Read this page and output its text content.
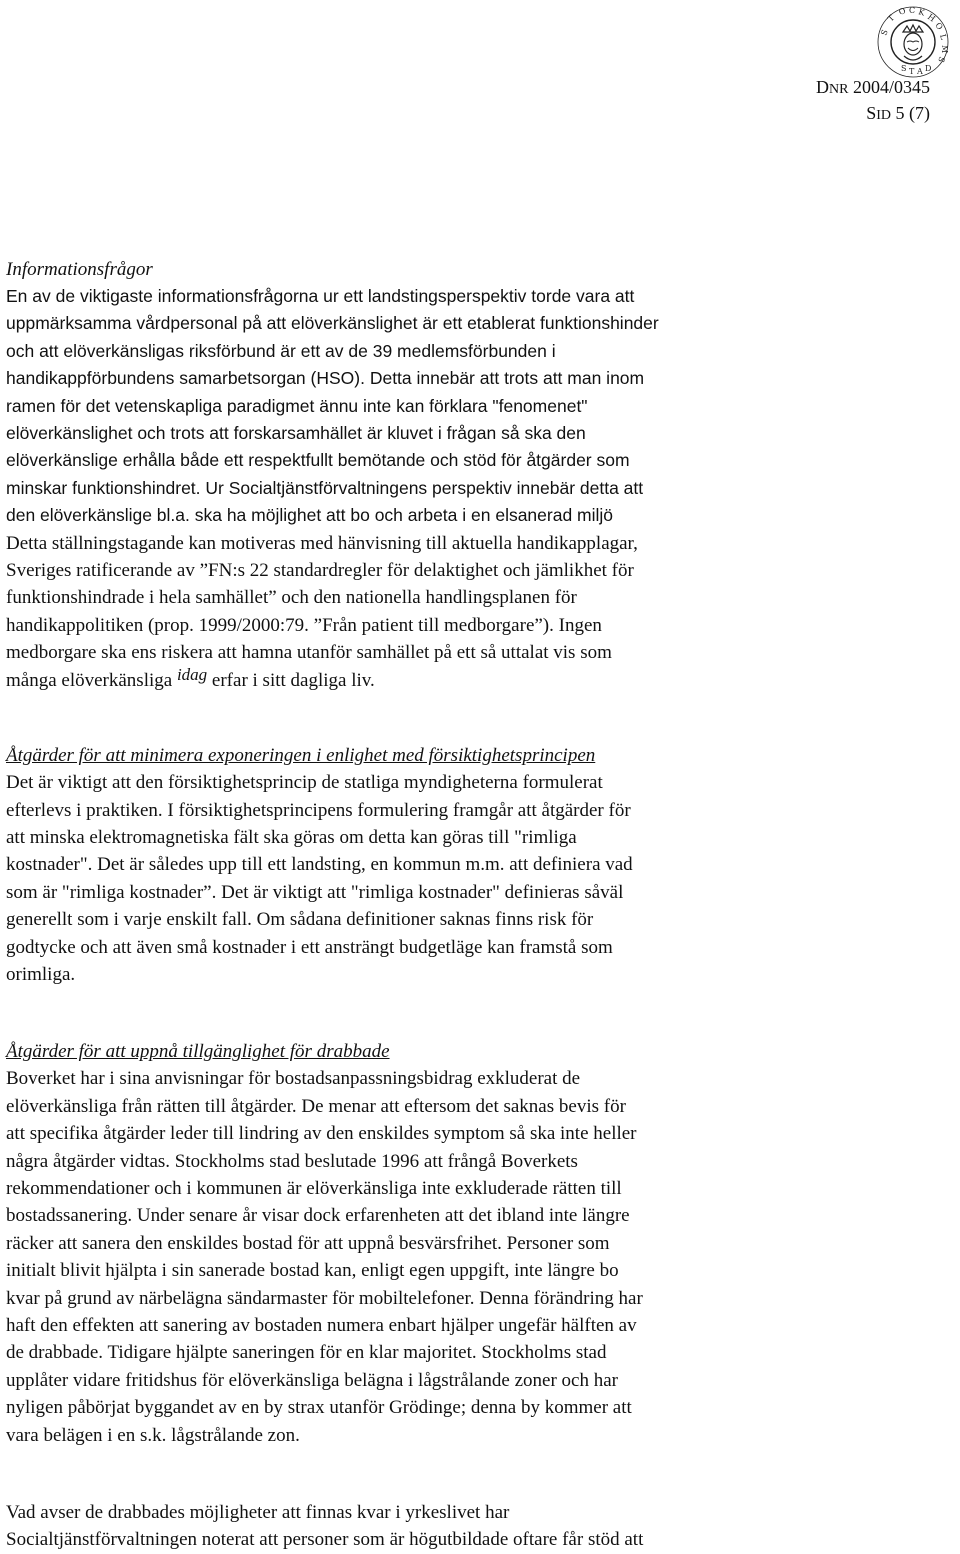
S
T
O C K H
O
L
M
S
S T A D
DNR 2004/0345
SID 5 (7)

Informationsfrågor

En av de viktigaste informationsfrågorna ur ett landstingsperspektiv torde vara att
uppmärksamma vårdpersonal på att elöverkänslighet är ett etablerat funktionshinder
och att elöverkänsligas riksförbund är ett av de 39 medlemsförbunden i
handikappförbundens samarbetsorgan (HSO). Detta innebär att trots att man inom
ramen för det vetenskapliga paradigmet ännu inte kan förklara "fenomenet"
elöverkänslighet och trots att forskarsamhället är kluvet i frågan så ska den
elöverkänslige erhålla både ett respektfullt bemötande och stöd för åtgärder som
minskar funktionshindret. Ur Socialtjänstförvaltningens perspektiv innebär detta att
den elöverkänslige bl.a. ska ha möjlighet att bo och arbeta i en elsanerad miljö
Detta ställningstagande kan motiveras med hänvisning till aktuella handikapplagar,
Sveriges ratificerande av ”FN:s 22 standardregler för delaktighet och jämlikhet för
funktionshindrade i hela samhället” och den nationella handlingsplanen för
handikappolitiken (prop. 1999/2000:79. ”Från patient till medborgare”). Ingen
medborgare ska ens riskera att hamna utanför samhället på ett så uttalat vis som
många elöverkänsliga idag erfar i sitt dagliga liv.

Åtgärder för att minimera exponeringen i enlighet med försiktighetsprincipen

Det är viktigt att den försiktighetsprincip de statliga myndigheterna formulerat
efterlevs i praktiken. I försiktighetsprincipens formulering framgår att åtgärder för
att minska elektromagnetiska fält ska göras om detta kan göras till "rimliga
kostnader". Det är således upp till ett landsting, en kommun m.m. att definiera vad
som är "rimliga kostnader”. Det är viktigt att "rimliga kostnader" definieras såväl
generellt som i varje enskilt fall. Om sådana definitioner saknas finns risk för
godtycke och att även små kostnader i ett ansträngt budgetläge kan framstå som
orimliga.

Åtgärder för att uppnå tillgänglighet för drabbade

Boverket har i sina anvisningar för bostadsanpassningsbidrag exkluderat de
elöverkänsliga från rätten till åtgärder. De menar att eftersom det saknas bevis för
att specifika åtgärder leder till lindring av den enskildes symptom så ska inte heller
några åtgärder vidtas. Stockholms stad beslutade 1996 att frångå Boverkets
rekommendationer och i kommunen är elöverkänsliga inte exkluderade rätten till
bostadssanering. Under senare år visar dock erfarenheten att det ibland inte längre
räcker att sanera den enskildes bostad för att uppnå besvärsfrihet. Personer som
initialt blivit hjälpta i sin sanerade bostad kan, enligt egen uppgift, inte längre bo
kvar på grund av närbelägna sändarmaster för mobiltelefoner. Denna förändring har
haft den effekten att sanering av bostaden numera enbart hjälper ungefär hälften av
de drabbade. Tidigare hjälpte saneringen för en klar majoritet. Stockholms stad
upplåter vidare fritidshus för elöverkänsliga belägna i lågstrålande zoner och har
nyligen påbörjat byggandet av en by strax utanför Grödinge; denna by kommer att
vara belägen i en s.k. lågstrålande zon.
Vad avser de drabbades möjligheter att finnas kvar i yrkeslivet har
Socialtjänstförvaltningen noterat att personer som är högutbildade oftare får stöd att
